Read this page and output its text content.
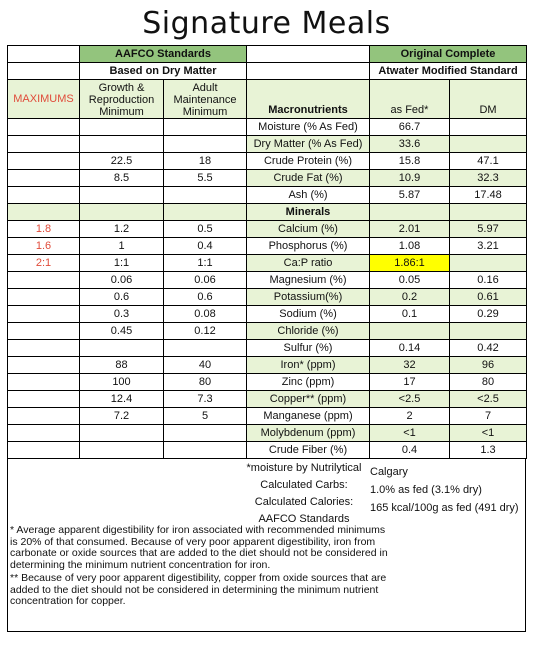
Signature Meals
	AAFCO Standards			Original Complete	
	Based on Dry Matter			Atwater Modified Standard	
MAXIMUMS	Growth & Reproduction Minimum	Adult Maintenance Minimum	Macronutrients	as Fed*	DM
			Moisture (% As Fed)	66.7	
			Dry Matter (% As Fed)	33.6	
	22.5	18	Crude Protein (%)	15.8	47.1
	8.5	5.5	Crude Fat (%)	10.9	32.3
			Ash (%)	5.87	17.48
			Minerals		
1.8	1.2	0.5	Calcium (%)	2.01	5.97
1.6	1	0.4	Phosphorus (%)	1.08	3.21
2:1	1:1	1:1	Ca:P ratio	1.86:1	
	0.06	0.06	Magnesium (%)	0.05	0.16
	0.6	0.6	Potassium(%)	0.2	0.61
	0.3	0.08	Sodium (%)	0.1	0.29
	0.45	0.12	Chloride (%)		
			Sulfur (%)	0.14	0.42
	88	40	Iron* (ppm)	32	96
	100	80	Zinc (ppm)	17	80
	12.4	7.3	Copper** (ppm)	<2.5	<2.5
	7.2	5	Manganese (ppm)	2	7
			Molybdenum (ppm)	<1	<1
			Crude Fiber (%)	0.4	1.3
*moisture by Nutrilytical
Calculated Carbs:
Calculated Calories:
AAFCO Standards
Calgary
1.0% as fed (3.1% dry)
165 kcal/100g as fed (491 dry)

* Average apparent digestibility for iron associated with recommended minimums is 20% of that consumed. Because of very poor apparent digestibility, iron from carbonate or oxide sources that are added to the diet should not be considered in determining the minimum nutrient concentration for iron.

** Because of very poor apparent digestibility, copper from oxide sources that are added to the diet should not be considered in determining the minimum nutrient concentration for copper.
